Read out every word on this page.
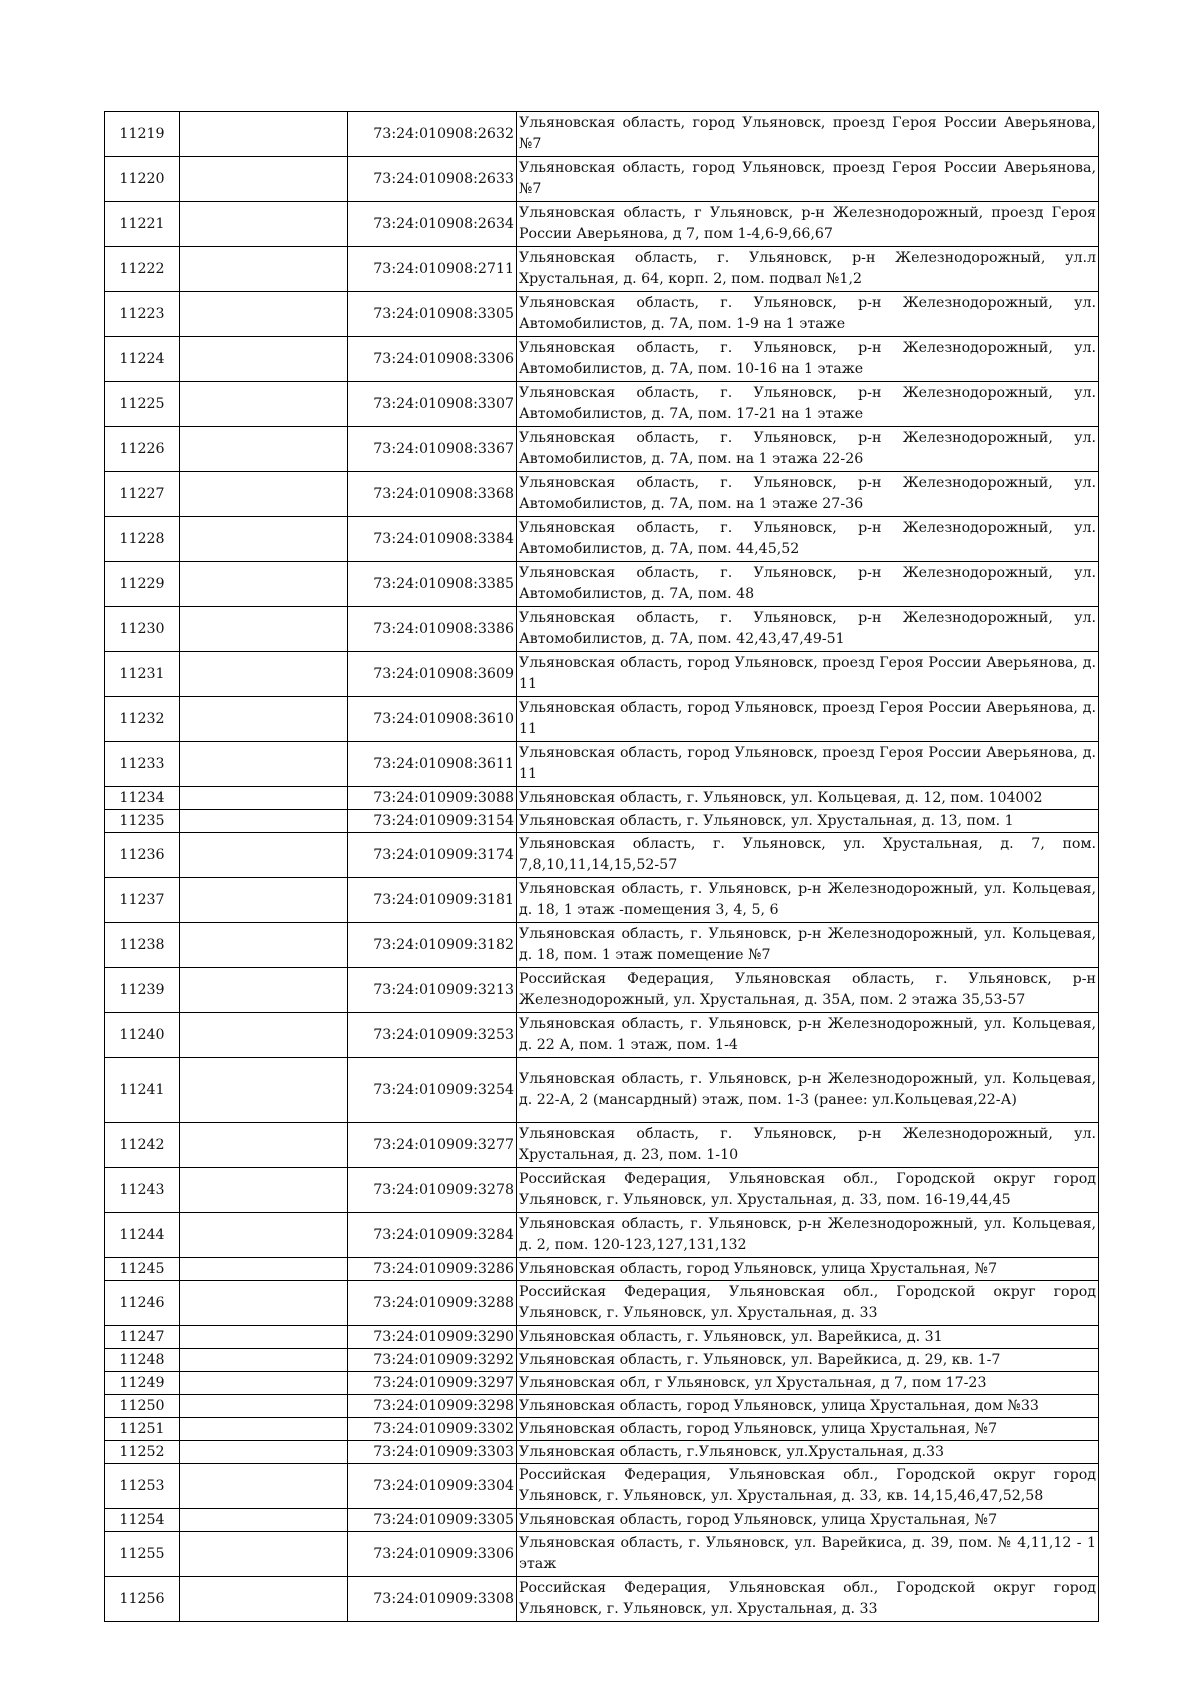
11219		73:24:010908:2632	Ульяновская область, город Ульяновск, проезд Героя России Аверьянова, №7
11220		73:24:010908:2633	Ульяновская область, город Ульяновск, проезд Героя России Аверьянова, №7
11221		73:24:010908:2634	Ульяновская область, г Ульяновск, р-н Железнодорожный, проезд Героя России Аверьянова, д 7, пом 1-4,6-9,66,67
11222		73:24:010908:2711	Ульяновская область, г. Ульяновск, р-н Железнодорожный, ул.л Хрустальная, д. 64, корп. 2, пом. подвал №1,2
11223		73:24:010908:3305	Ульяновская область, г. Ульяновск, р-н Железнодорожный, ул. Автомобилистов, д. 7А, пом. 1-9 на 1 этаже
11224		73:24:010908:3306	Ульяновская область, г. Ульяновск, р-н Железнодорожный, ул. Автомобилистов, д. 7А, пом. 10-16 на 1 этаже
11225		73:24:010908:3307	Ульяновская область, г. Ульяновск, р-н Железнодорожный, ул. Автомобилистов, д. 7А, пом. 17-21 на 1 этаже
11226		73:24:010908:3367	Ульяновская область, г. Ульяновск, р-н Железнодорожный, ул. Автомобилистов, д. 7А, пом. на 1 этажа 22-26
11227		73:24:010908:3368	Ульяновская область, г. Ульяновск, р-н Железнодорожный, ул. Автомобилистов, д. 7А, пом. на 1 этаже 27-36
11228		73:24:010908:3384	Ульяновская область, г. Ульяновск, р-н Железнодорожный, ул. Автомобилистов, д. 7А, пом. 44,45,52
11229		73:24:010908:3385	Ульяновская область, г. Ульяновск, р-н Железнодорожный, ул. Автомобилистов, д. 7А, пом. 48
11230		73:24:010908:3386	Ульяновская область, г. Ульяновск, р-н Железнодорожный, ул. Автомобилистов, д. 7А, пом. 42,43,47,49-51
11231		73:24:010908:3609	Ульяновская область, город Ульяновск, проезд Героя России Аверьянова, д. 11
11232		73:24:010908:3610	Ульяновская область, город Ульяновск, проезд Героя России Аверьянова, д. 11
11233		73:24:010908:3611	Ульяновская область, город Ульяновск, проезд Героя России Аверьянова, д. 11
11234		73:24:010909:3088	Ульяновская область, г. Ульяновск, ул. Кольцевая, д. 12, пом. 104002
11235		73:24:010909:3154	Ульяновская область, г. Ульяновск, ул. Хрустальная, д. 13, пом. 1
11236		73:24:010909:3174	Ульяновская область, г. Ульяновск, ул. Хрустальная, д. 7, пом. 7,8,10,11,14,15,52-57
11237		73:24:010909:3181	Ульяновская область, г. Ульяновск, р-н Железнодорожный, ул. Кольцевая, д. 18, 1 этаж -помещения 3, 4, 5, 6
11238		73:24:010909:3182	Ульяновская область, г. Ульяновск, р-н Железнодорожный, ул. Кольцевая, д. 18, пом. 1 этаж помещение №7
11239		73:24:010909:3213	Российская Федерация, Ульяновская область, г. Ульяновск, р-н Железнодорожный, ул. Хрустальная, д. 35А, пом. 2 этажа 35,53-57
11240		73:24:010909:3253	Ульяновская область, г. Ульяновск, р-н Железнодорожный, ул. Кольцевая, д. 22 А, пом. 1 этаж, пом. 1-4
11241		73:24:010909:3254	Ульяновская область, г. Ульяновск, р-н Железнодорожный, ул. Кольцевая, д. 22-А, 2 (мансардный) этаж, пом. 1-3 (ранее: ул.Кольцевая,22-А)
11242		73:24:010909:3277	Ульяновская область, г. Ульяновск, р-н Железнодорожный, ул. Хрустальная, д. 23, пом. 1-10
11243		73:24:010909:3278	Российская Федерация, Ульяновская обл., Городской округ город Ульяновск, г. Ульяновск, ул. Хрустальная, д. 33, пом. 16-19,44,45
11244		73:24:010909:3284	Ульяновская область, г. Ульяновск, р-н Железнодорожный, ул. Кольцевая, д. 2, пом. 120-123,127,131,132
11245		73:24:010909:3286	Ульяновская область, город Ульяновск, улица Хрустальная, №7
11246		73:24:010909:3288	Российская Федерация, Ульяновская обл., Городской округ город Ульяновск, г. Ульяновск, ул. Хрустальная, д. 33
11247		73:24:010909:3290	Ульяновская область, г. Ульяновск, ул. Варейкиса, д. 31
11248		73:24:010909:3292	Ульяновская область, г. Ульяновск, ул. Варейкиса, д. 29, кв. 1-7
11249		73:24:010909:3297	Ульяновская обл, г Ульяновск, ул Хрустальная, д 7, пом 17-23
11250		73:24:010909:3298	Ульяновская область, город Ульяновск, улица Хрустальная, дом №33
11251		73:24:010909:3302	Ульяновская область, город Ульяновск, улица Хрустальная, №7
11252		73:24:010909:3303	Ульяновская область, г.Ульяновск, ул.Хрустальная, д.33
11253		73:24:010909:3304	Российская Федерация, Ульяновская обл., Городской округ город Ульяновск, г. Ульяновск, ул. Хрустальная, д. 33, кв. 14,15,46,47,52,58
11254		73:24:010909:3305	Ульяновская область, город Ульяновск, улица Хрустальная, №7
11255		73:24:010909:3306	Ульяновская область, г. Ульяновск, ул. Варейкиса, д. 39, пом. № 4,11,12 - 1 этаж
11256		73:24:010909:3308	Российская Федерация, Ульяновская обл., Городской округ город Ульяновск, г. Ульяновск, ул. Хрустальная, д. 33
